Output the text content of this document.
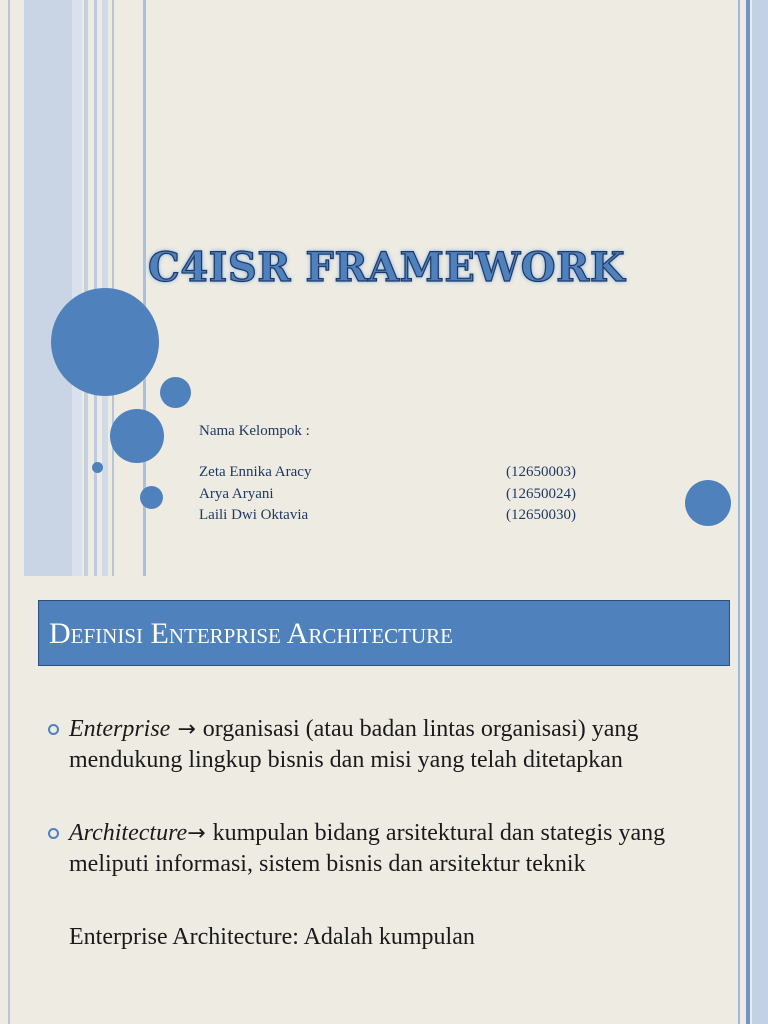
C4ISR FRAMEWORK
Nama Kelompok :
Zeta Ennika Aracy	(12650003)
Arya Aryani	(12650024)
Laili Dwi Oktavia	(12650030)
Definisi Enterprise Architecture
Enterprise → organisasi (atau badan lintas organisasi) yang mendukung lingkup bisnis dan misi yang telah ditetapkan
Architecture→ kumpulan bidang arsitektural dan stategis yang meliputi informasi, sistem bisnis dan arsitektur teknik
Enterprise Architecture: Adalah kumpulan
